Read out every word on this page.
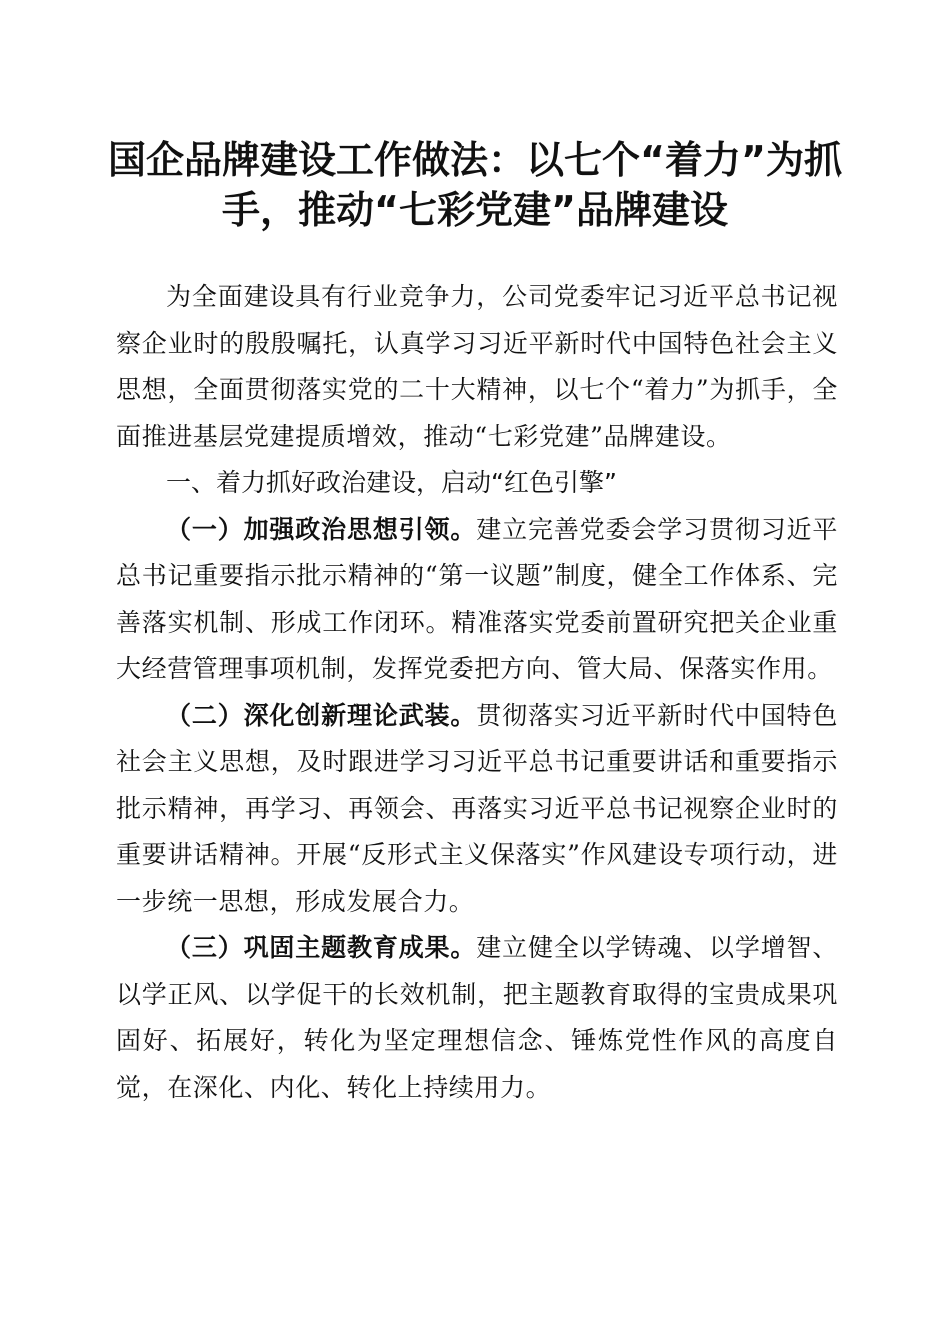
国企品牌建设工作做法：以七个“着力”为抓
手，推动“七彩党建”品牌建设

为全面建设具有行业竞争力，公司党委牢记习近平总书记视察企业时的殷殷嘱托，认真学习习近平新时代中国特色社会主义思想，全面贯彻落实党的二十大精神，以七个“着力”为抓手，全面推进基层党建提质增效，推动“七彩党建”品牌建设。

一、着力抓好政治建设，启动“红色引擎”

（一）加强政治思想引领。建立完善党委会学习贯彻习近平总书记重要指示批示精神的“第一议题”制度，健全工作体系、完善落实机制、形成工作闭环。精准落实党委前置研究把关企业重大经营管理事项机制，发挥党委把方向、管大局、保落实作用。

（二）深化创新理论武装。贯彻落实习近平新时代中国特色社会主义思想，及时跟进学习习近平总书记重要讲话和重要指示批示精神，再学习、再领会、再落实习近平总书记视察企业时的重要讲话精神。开展“反形式主义保落实”作风建设专项行动，进一步统一思想，形成发展合力。

（三）巩固主题教育成果。建立健全以学铸魂、以学增智、以学正风、以学促干的长效机制，把主题教育取得的宝贵成果巩固好、拓展好，转化为坚定理想信念、锤炼党性作风的高度自觉，在深化、内化、转化上持续用力。
